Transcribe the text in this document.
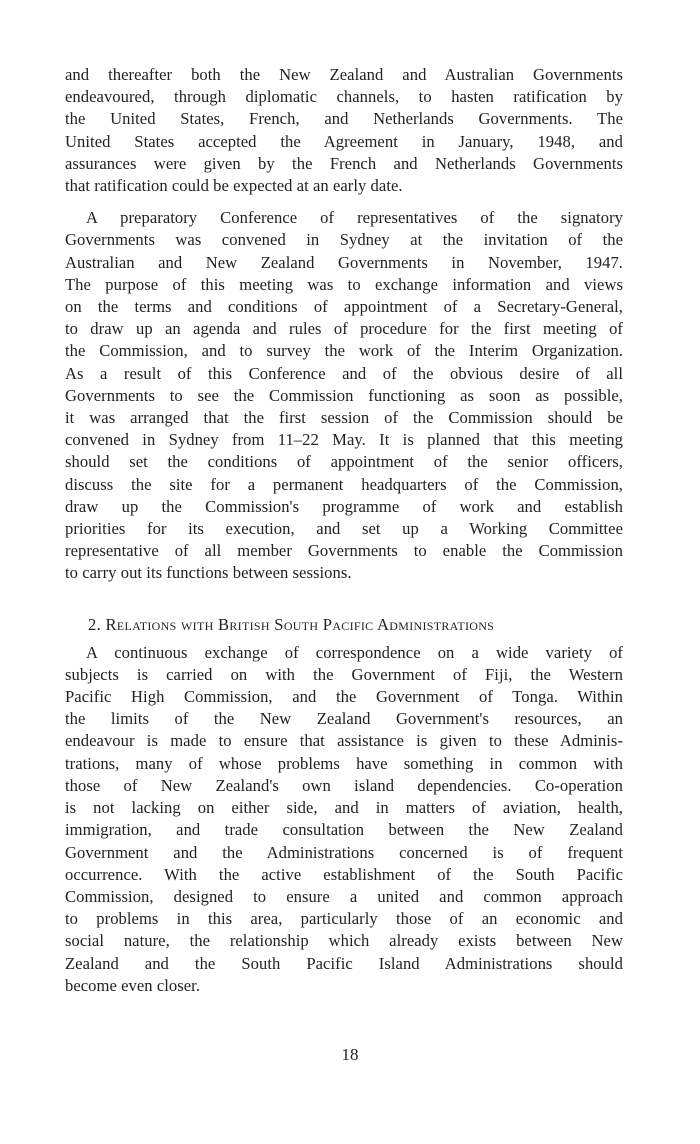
and thereafter both the New Zealand and Australian Governments
endeavoured, through diplomatic channels, to hasten ratification by
the United States, French, and Netherlands Governments. The
United States accepted the Agreement in January, 1948, and
assurances were given by the French and Netherlands Governments
that ratification could be expected at an early date.

A preparatory Conference of representatives of the signatory
Governments was convened in Sydney at the invitation of the
Australian and New Zealand Governments in November, 1947.
The purpose of this meeting was to exchange information and views
on the terms and conditions of appointment of a Secretary-General,
to draw up an agenda and rules of procedure for the first meeting of
the Commission, and to survey the work of the Interim Organization.
As a result of this Conference and of the obvious desire of all
Governments to see the Commission functioning as soon as possible,
it was arranged that the first session of the Commission should be
convened in Sydney from 11–22 May. It is planned that this meeting
should set the conditions of appointment of the senior officers,
discuss the site for a permanent headquarters of the Commission,
draw up the Commission's programme of work and establish
priorities for its execution, and set up a Working Committee
representative of all member Governments to enable the Commission
to carry out its functions between sessions.

2. Relations with British South Pacific Administrations

A continuous exchange of correspondence on a wide variety of
subjects is carried on with the Government of Fiji, the Western
Pacific High Commission, and the Government of Tonga. Within
the limits of the New Zealand Government's resources, an
endeavour is made to ensure that assistance is given to these Adminis-
trations, many of whose problems have something in common with
those of New Zealand's own island dependencies. Co-operation
is not lacking on either side, and in matters of aviation, health,
immigration, and trade consultation between the New Zealand
Government and the Administrations concerned is of frequent
occurrence. With the active establishment of the South Pacific
Commission, designed to ensure a united and common approach
to problems in this area, particularly those of an economic and
social nature, the relationship which already exists between New
Zealand and the South Pacific Island Administrations should
become even closer.

18
